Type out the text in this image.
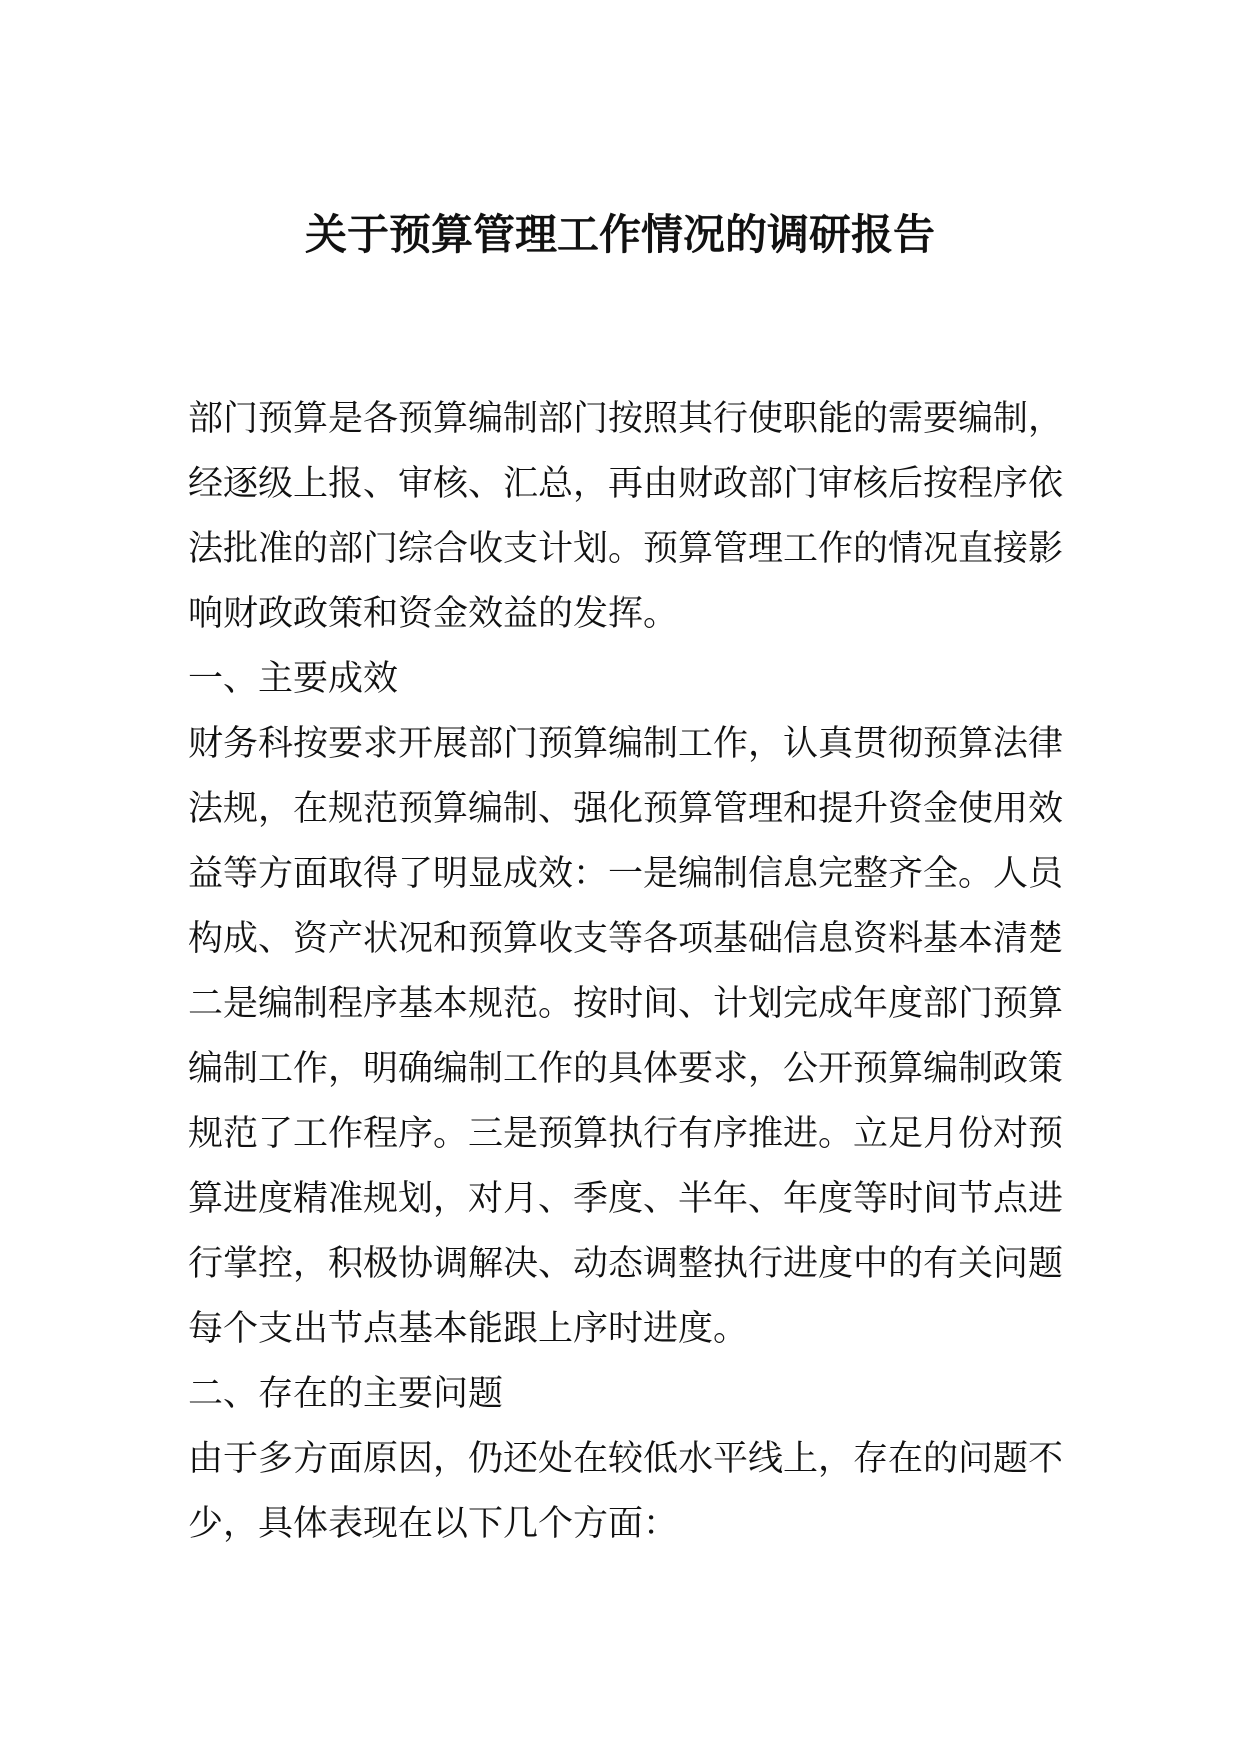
关于预算管理工作情况的调研报告
部门预算是各预算编制部门按照其行使职能的需要编制，
经逐级上报、审核、汇总，再由财政部门审核后按程序依
法批准的部门综合收支计划。预算管理工作的情况直接影
响财政政策和资金效益的发挥。
一、主要成效
财务科按要求开展部门预算编制工作，认真贯彻预算法律
法规，在规范预算编制、强化预算管理和提升资金使用效
益等方面取得了明显成效：一是编制信息完整齐全。人员
构成、资产状况和预算收支等各项基础信息资料基本清楚
二是编制程序基本规范。按时间、计划完成年度部门预算
编制工作，明确编制工作的具体要求，公开预算编制政策
规范了工作程序。三是预算执行有序推进。立足月份对预
算进度精准规划，对月、季度、半年、年度等时间节点进
行掌控，积极协调解决、动态调整执行进度中的有关问题
每个支出节点基本能跟上序时进度。
二、存在的主要问题
由于多方面原因，仍还处在较低水平线上，存在的问题不
少，具体表现在以下几个方面：
